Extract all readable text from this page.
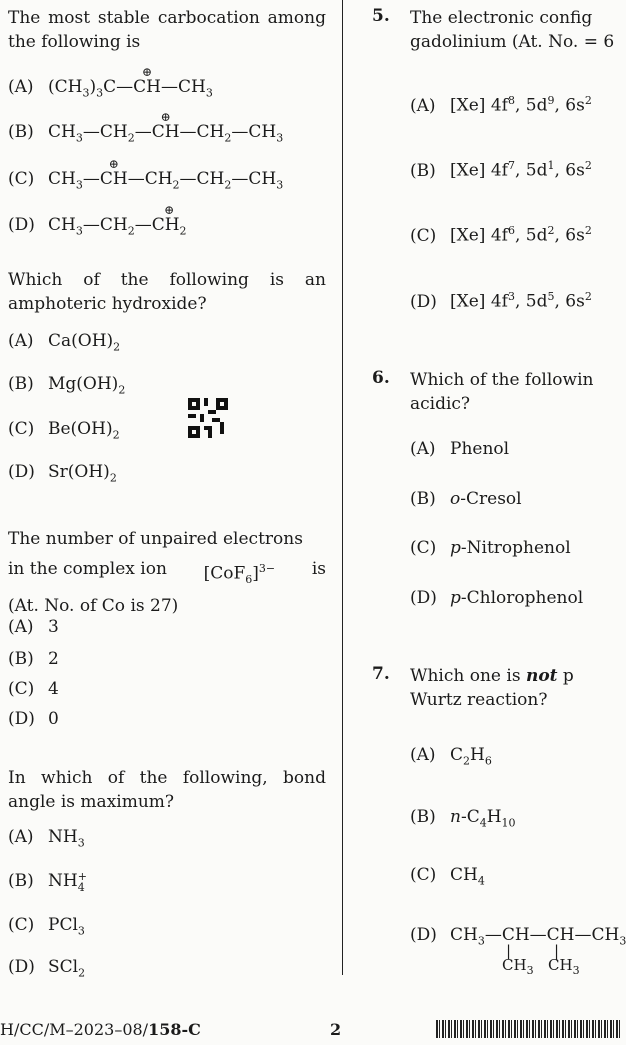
The most stable carbocation among the following is
(A) $(CH_3)_3C—CH$
⊕
$—CH_3$
(B) $CH_3—CH_2—CH$
⊕
$—CH_2—CH_3$
(C) $CH_3—CH$
⊕
$—CH_2—CH_2—CH_3$
(D) $CH_3—CH_2—CH_2$
⊕
Which of the following is an amphoteric hydroxide?
(A) $Ca(OH)_2$
(B) $Mg(OH)_2$
(C) $Be(OH)_2$
(D) $Sr(OH)_2$
The number of unpaired electrons
in the complex ion $[CoF_6]^{3-}$ is
(At. No. of Co is 27)
(A) 3
(B) 2
(C) 4
(D) 0
In which of the following, bond angle is maximum?
(A) $NH_3$
(B) NH +
4
(C) PCl$_3$
(D) SCl$_2$
5. The electronic config
gadolinium (At. No. = 6
(A) [Xe] $4f^8$, $5d^9$, $6s^2$
(B) [Xe] $4f^7$, $5d^1$, $6s^2$
(C) [Xe] $4f^6$, $5d^2$, $6s^2$
(D) [Xe] $4f^3$, $5d^5$, $6s^2$
6. Which of the followin
acidic?
(A) Phenol
(B) o-Cresol
(C) p-Nitrophenol
(D) p-Chlorophenol
7. Which one is not p
Wurtz reaction?
(A) $C_2H_6$
(B) $n-C_4H_{10}$
(C) $CH_4$
(D) $CH_3—CH—CH—CH_3$
|	|
$CH_3$ $CH_3$
H/CC/M–2023–08/158-C	2
